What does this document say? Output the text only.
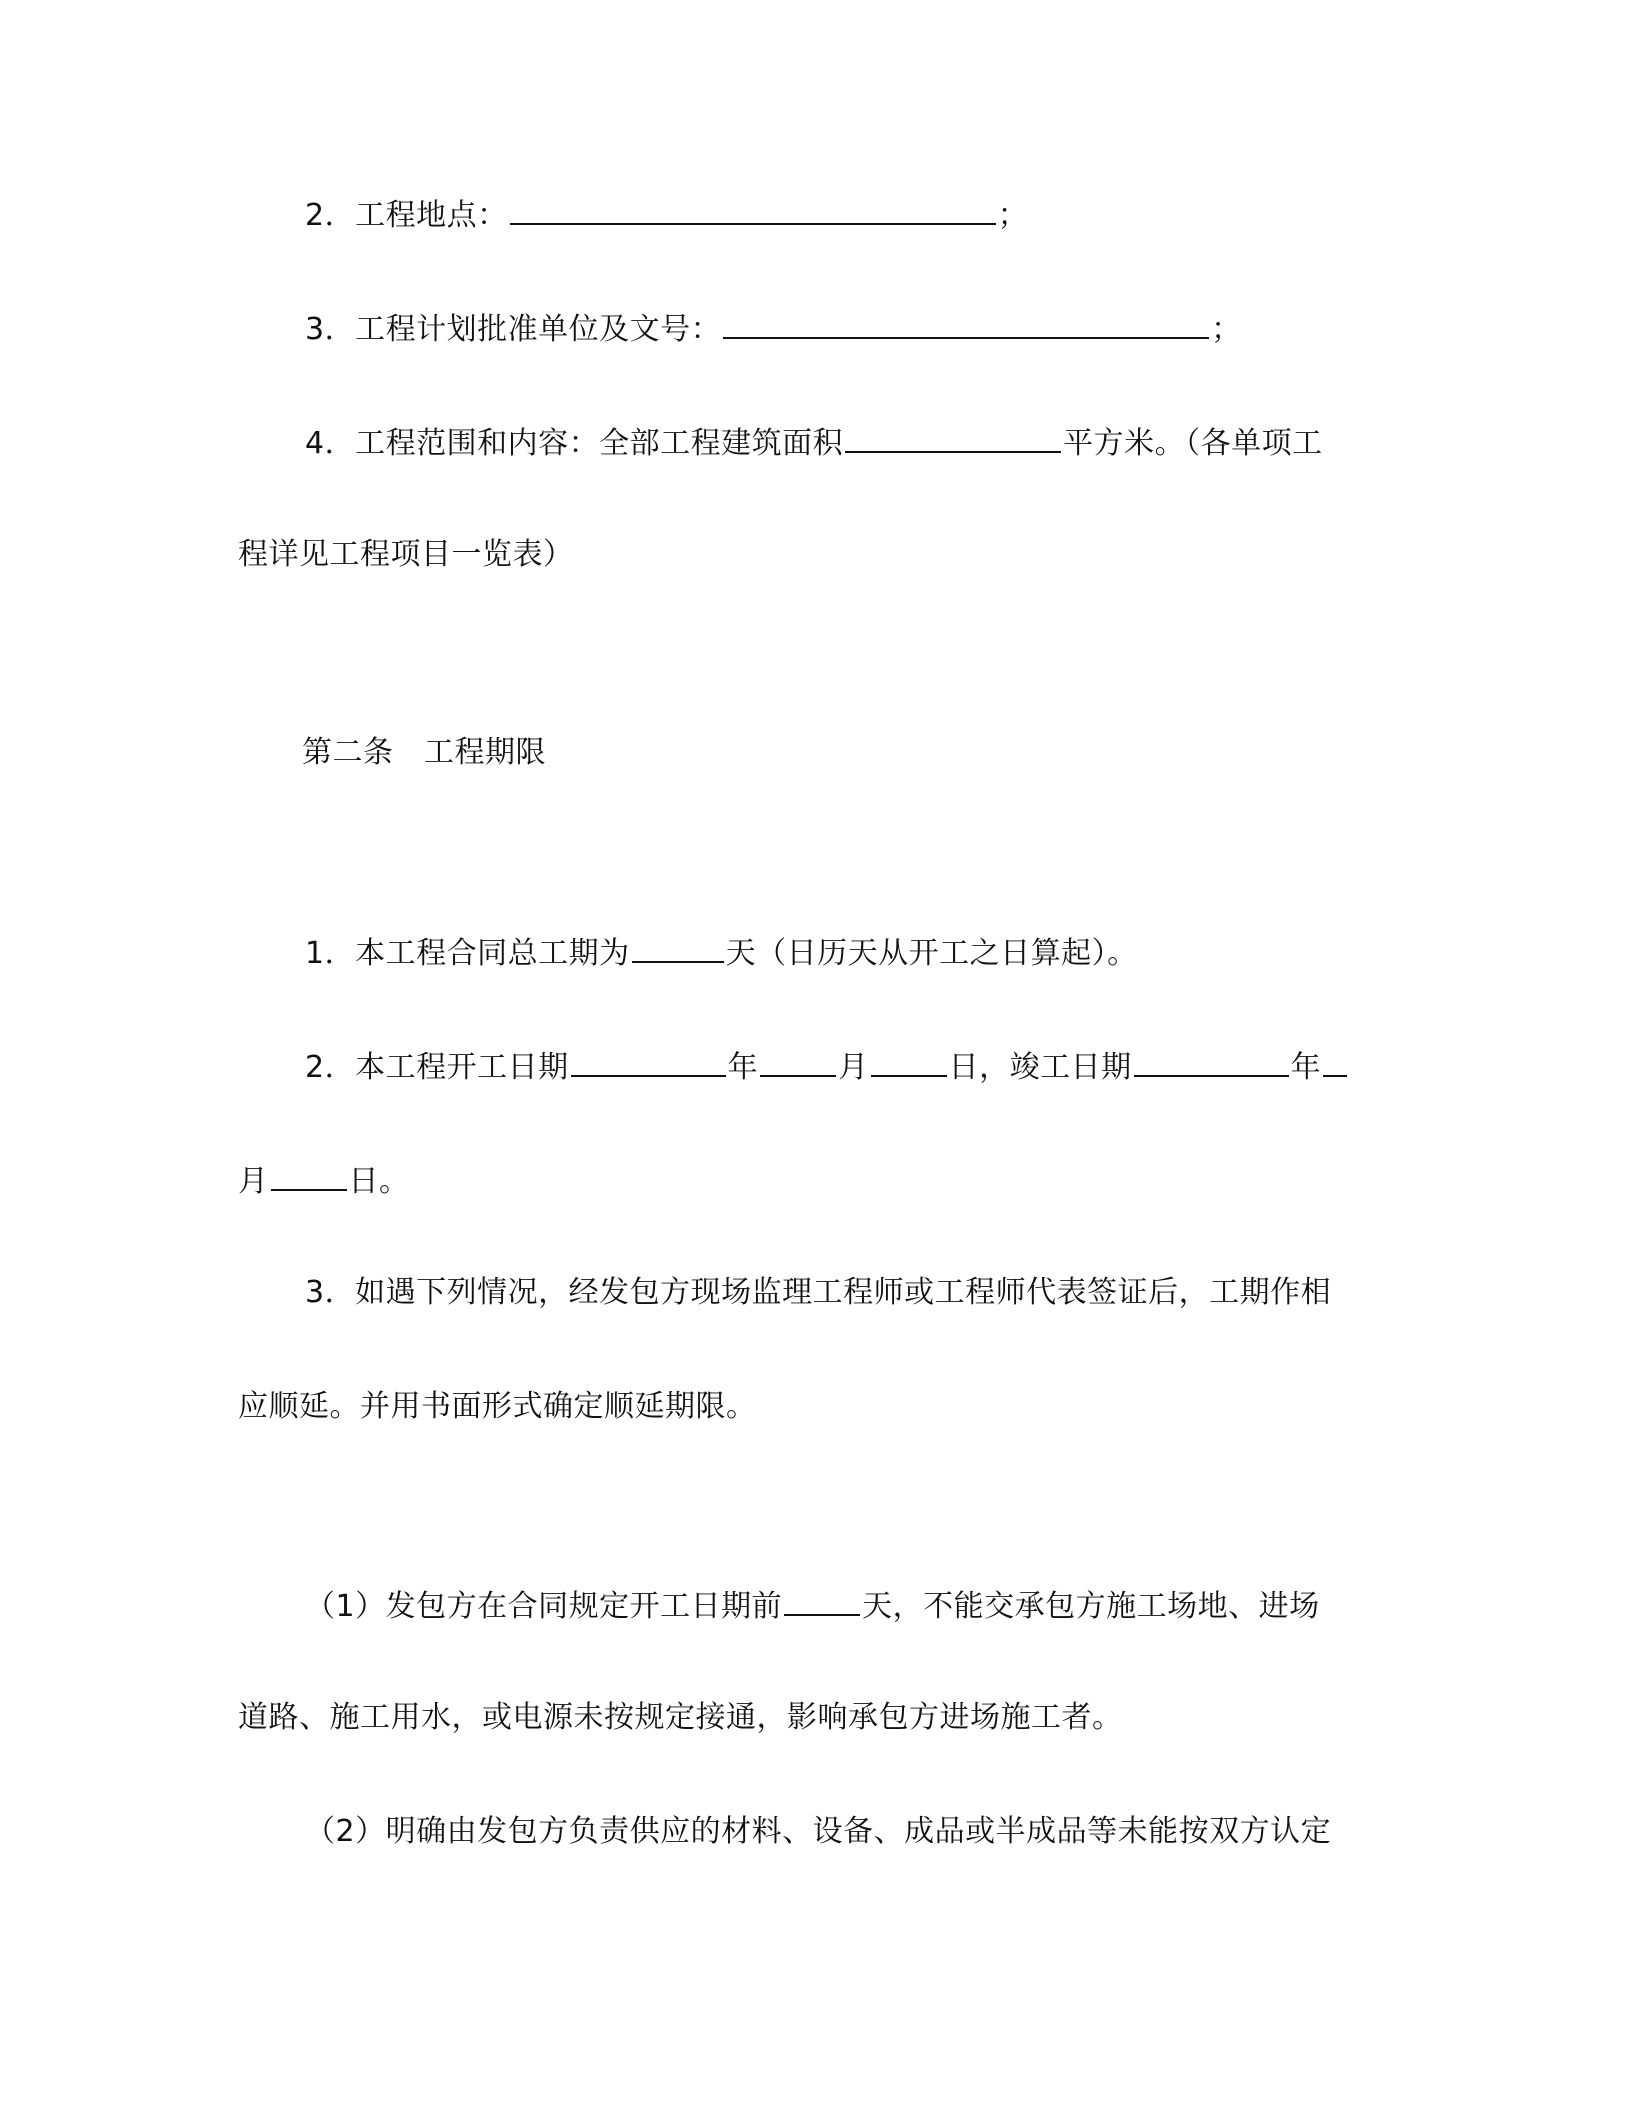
2．工程地点：	；
3．工程计划批准单位及文号：	；
4．工程范围和内容：全部工程建筑面积	平方米。（各单项工
程详见工程项目一览表）
第二条　工程期限
1．本工程合同总工期为	天（日历天从开工之日算起）。
2．本工程开工日期	年	月	日，竣工日期	年
月	日。
3．如遇下列情况，经发包方现场监理工程师或工程师代表签证后，工期作相
应顺延。并用书面形式确定顺延期限。
（1）发包方在合同规定开工日期前	天，不能交承包方施工场地、进场
道路、施工用水，或电源未按规定接通，影响承包方进场施工者。
（2）明确由发包方负责供应的材料、设备、成品或半成品等未能按双方认定
